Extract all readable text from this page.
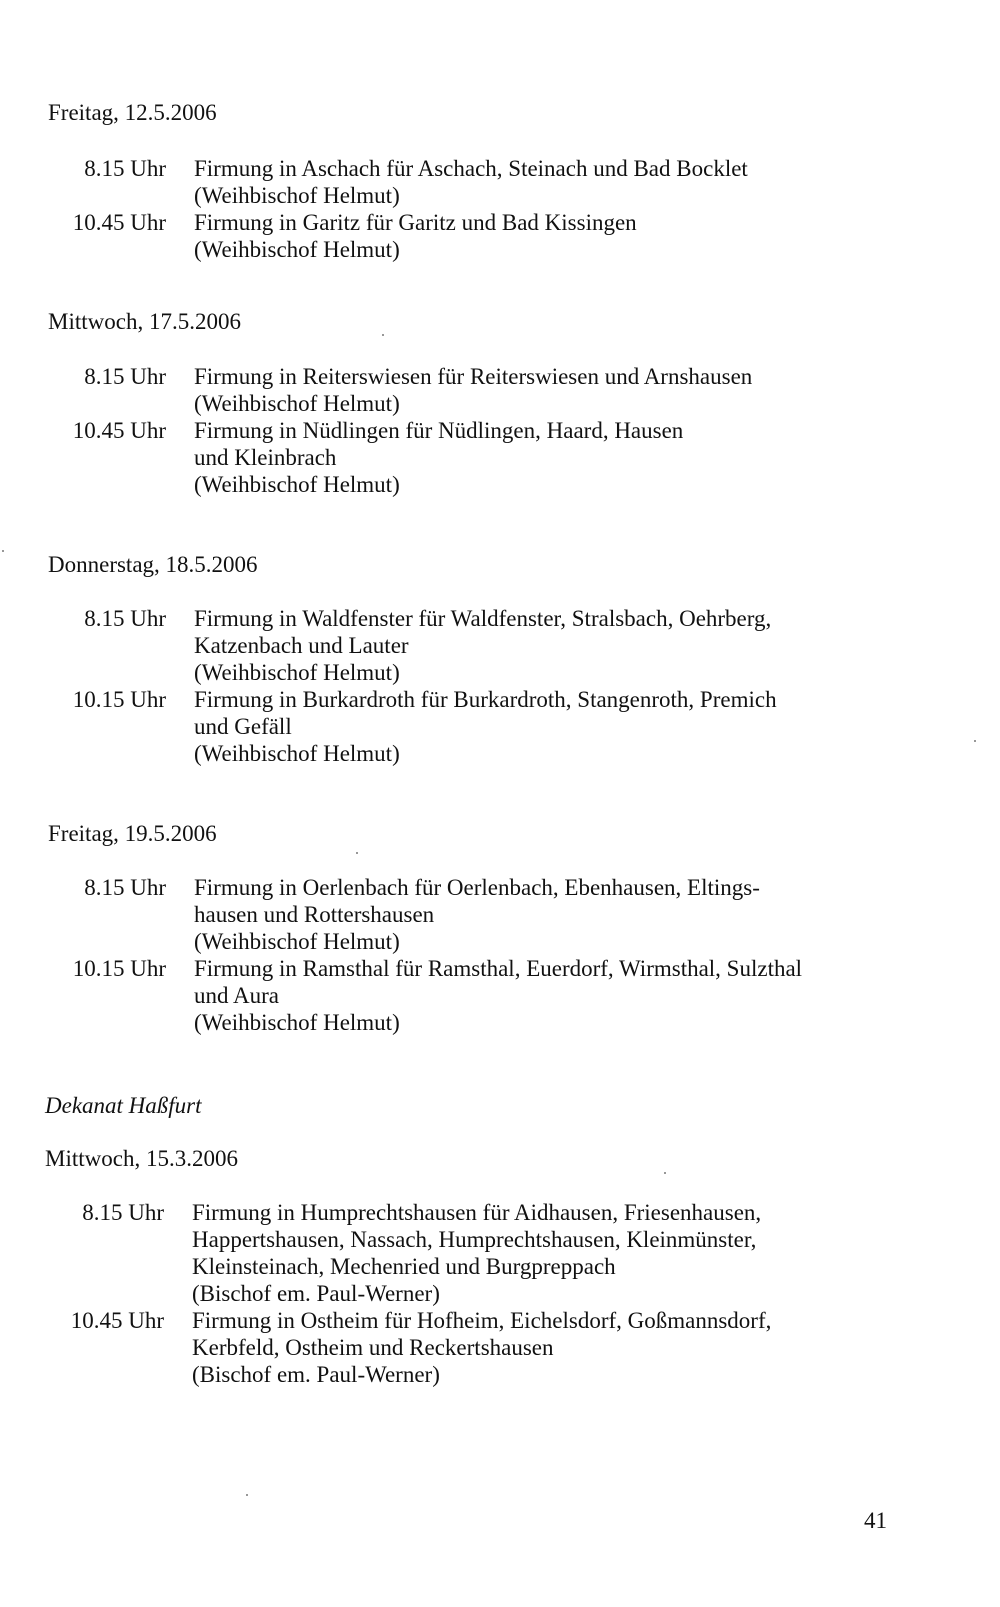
Freitag, 12.5.2006
8.15 Uhr Firmung in Aschach für Aschach, Steinach und Bad Bocklet
(Weihbischof Helmut)
10.45 Uhr Firmung in Garitz für Garitz und Bad Kissingen
(Weihbischof Helmut)
Mittwoch, 17.5.2006
8.15 Uhr Firmung in Reiterswiesen für Reiterswiesen und Arnshausen
(Weihbischof Helmut)
10.45 Uhr Firmung in Nüdlingen für Nüdlingen, Haard, Hausen
und Kleinbrach
(Weihbischof Helmut)
Donnerstag, 18.5.2006
8.15 Uhr Firmung in Waldfenster für Waldfenster, Stralsbach, Oehrberg,
Katzenbach und Lauter
(Weihbischof Helmut)
10.15 Uhr Firmung in Burkardroth für Burkardroth, Stangenroth, Premich
und Gefäll
(Weihbischof Helmut)
Freitag, 19.5.2006
8.15 Uhr Firmung in Oerlenbach für Oerlenbach, Ebenhausen, Eltings-
hausen und Rottershausen
(Weihbischof Helmut)
10.15 Uhr Firmung in Ramsthal für Ramsthal, Euerdorf, Wirmsthal, Sulzthal
und Aura
(Weihbischof Helmut)
Dekanat Haßfurt
Mittwoch, 15.3.2006
8.15 Uhr Firmung in Humprechtshausen für Aidhausen, Friesenhausen,
Happertshausen, Nassach, Humprechtshausen, Kleinmünster,
Kleinsteinach, Mechenried und Burgpreppach
(Bischof em. Paul-Werner)
10.45 Uhr Firmung in Ostheim für Hofheim, Eichelsdorf, Goßmannsdorf,
Kerbfeld, Ostheim und Reckertshausen
(Bischof em. Paul-Werner)
41
